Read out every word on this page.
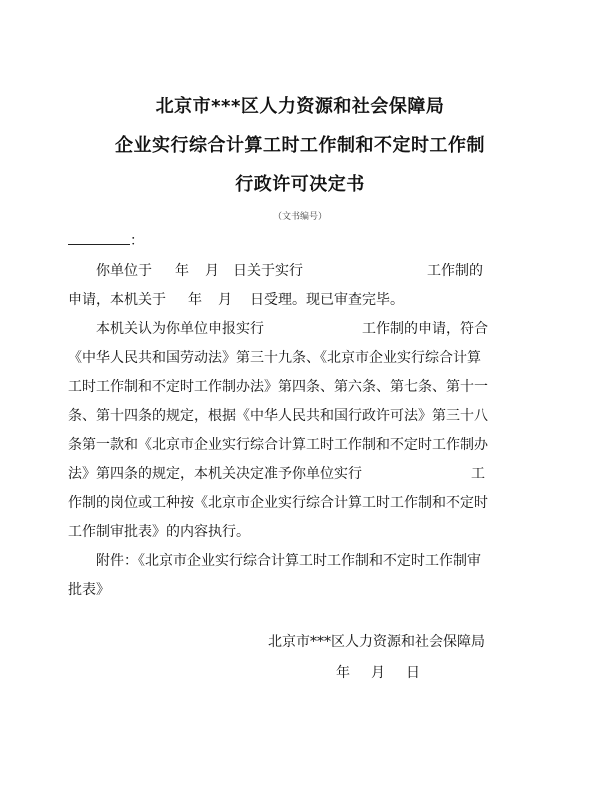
北京市***区人力资源和社会保障局
企业实行综合计算工时工作制和不定时工作制
行政许可决定书
（文书编号）
：
你单位于 年 月 日关于实行	工作制的
申请，本机关于 年 月 日受理。现已审查完毕。
本机关认为你单位申报实行	工作制的申请，符合
《中华人民共和国劳动法》第三十九条、《北京市企业实行综合计算
工时工作制和不定时工作制办法》第四条、第六条、第七条、第十一
条、第十四条的规定，根据《中华人民共和国行政许可法》第三十八
条第一款和《北京市企业实行综合计算工时工作制和不定时工作制办
法》第四条的规定，本机关决定准予你单位实行	工
作制的岗位或工种按《北京市企业实行综合计算工时工作制和不定时
工作制审批表》的内容执行。
附件：《北京市企业实行综合计算工时工作制和不定时工作制审
批表》
北京市***区人力资源和社会保障局
年 月 日
